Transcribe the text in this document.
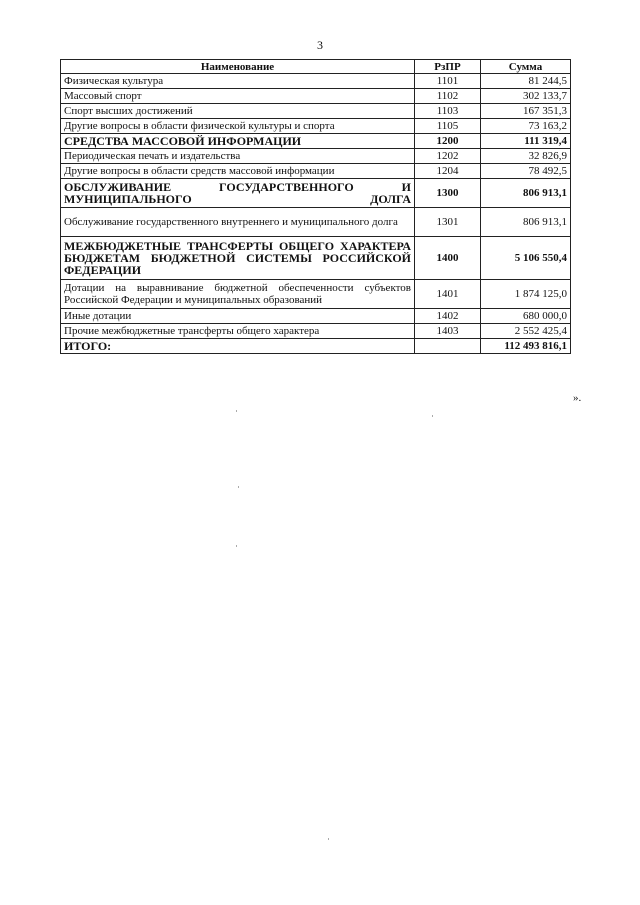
3
Наименование	РзПР	Сумма
Физическая культура	1101	81 244,5
Массовый спорт	1102	302 133,7
Спорт высших достижений	1103	167 351,3
Другие вопросы в области физической культуры и спорта	1105	73 163,2
СРЕДСТВА МАССОВОЙ ИНФОРМАЦИИ	1200	111 319,4
Периодическая печать и издательства	1202	32 826,9
Другие вопросы в области средств массовой информации	1204	78 492,5
ОБСЛУЖИВАНИЕ ГОСУДАРСТВЕННОГО И МУНИЦИПАЛЬНОГО ДОЛГА	1300	806 913,1
Обслуживание государственного внутреннего и муниципального долга	1301	806 913,1
МЕЖБЮДЖЕТНЫЕ ТРАНСФЕРТЫ ОБЩЕГО ХАРАКТЕРА БЮДЖЕТАМ БЮДЖЕТНОЙ СИСТЕМЫ РОССИЙСКОЙ ФЕДЕРАЦИИ	1400	5 106 550,4
Дотации на выравнивание бюджетной обеспеченности субъектов Российской Федерации и муниципальных образований	1401	1 874 125,0
Иные дотации	1402	680 000,0
Прочие межбюджетные трансферты общего характера	1403	2 552 425,4
ИТОГО:		112 493 816,1
».
